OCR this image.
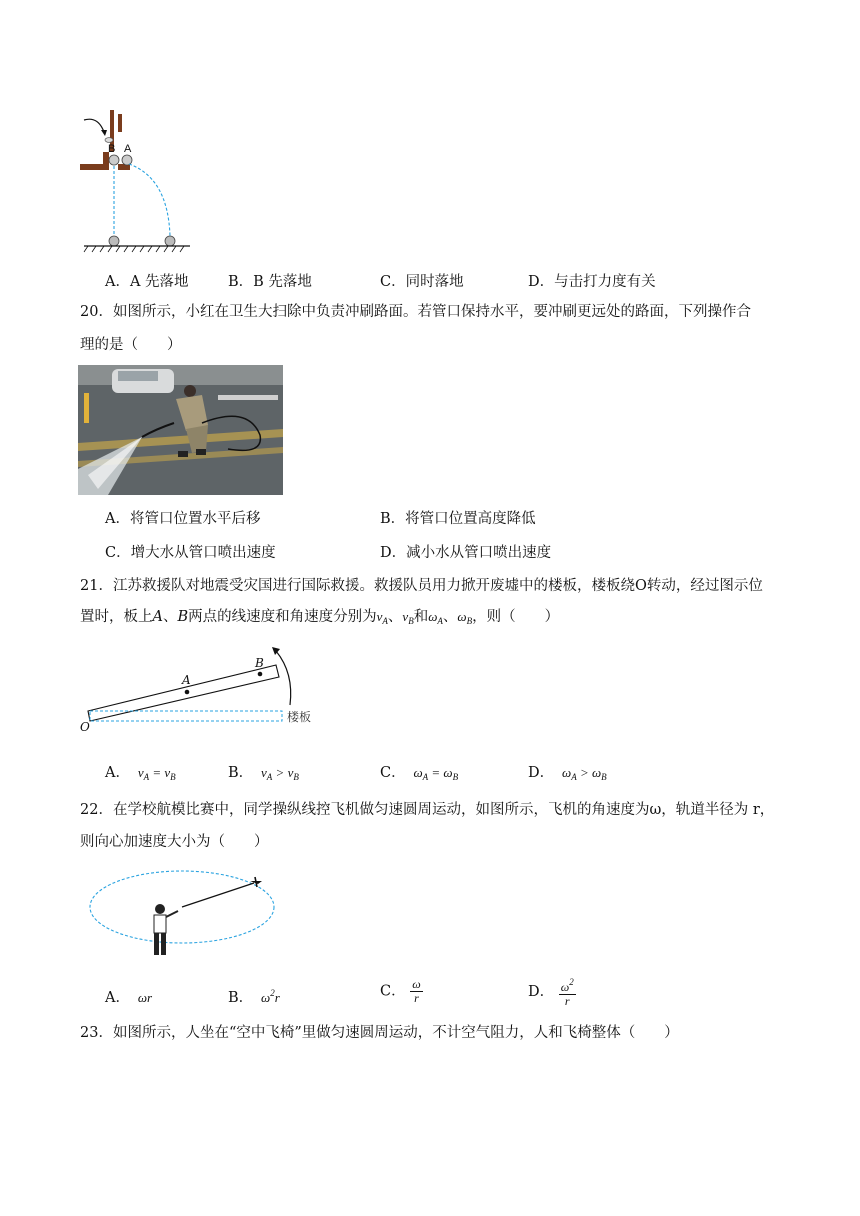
B A
A．A 先落地	B．B 先落地	C．同时落地	D．与击打力度有关
20．如图所示，小红在卫生大扫除中负责冲刷路面。若管口保持水平，要冲刷更远处的路面，下列操作合
理的是（　　）
A．将管口位置水平后移	B．将管口位置高度降低
C．增大水从管口喷出速度	D．减小水从管口喷出速度
21．江苏救援队对地震受灾国进行国际救援。救援队员用力掀开废墟中的楼板，楼板绕O转动，经过图示位
置时，板上A、B两点的线速度和角速度分别为$v_A$、$v_B$和$\omega_A$、$\omega_B$，则（　　）
A
B
O
楼板
A．  $v_A = v_B$	B．  $v_A > v_B$	C．  $\omega_A = \omega_B$	D．  $\omega_A > \omega_B$
22．在学校航模比赛中，同学操纵线控飞机做匀速圆周运动，如图所示，飞机的角速度为ω，轨道半径为 r，
则向心加速度大小为（　　）
A．  ωr	B．  $\omega^2r$	C． $\frac{\omega}{r}$	D． $\frac{\omega^2}{r}$
23．如图所示，人坐在“空中飞椅”里做匀速圆周运动，不计空气阻力，人和飞椅整体（　　）
